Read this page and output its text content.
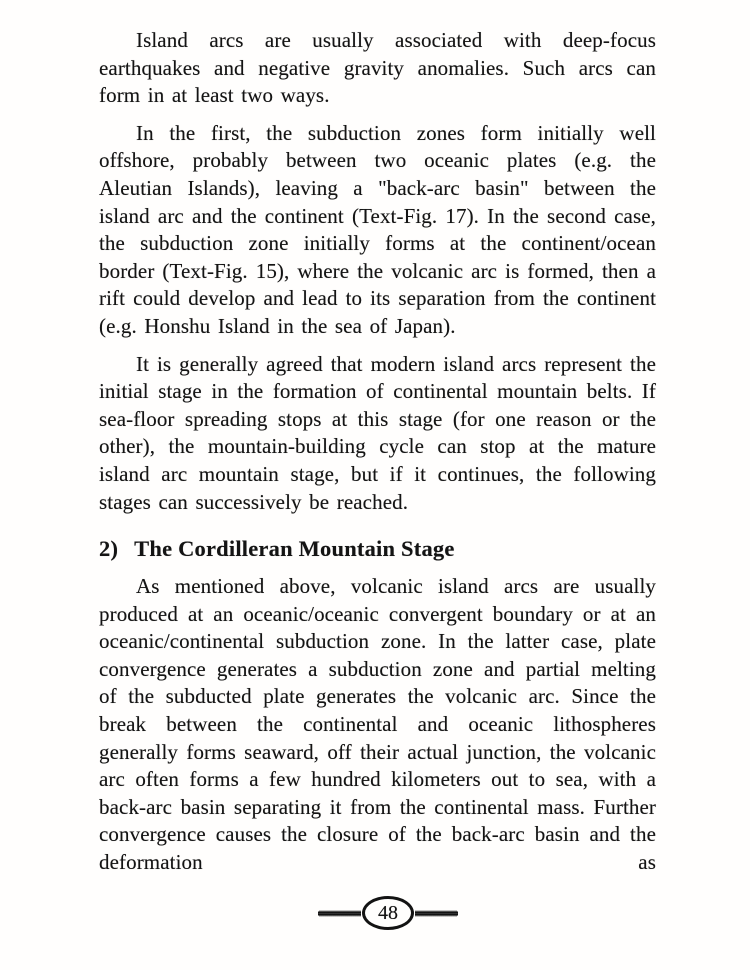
Island arcs are usually associated with deep-focus earthquakes and negative gravity anomalies. Such arcs can form in at least two ways.

In the first, the subduction zones form initially well offshore, probably between two oceanic plates (e.g. the Aleutian Islands), leaving a "back-arc basin" between the island arc and the continent (Text-Fig. 17). In the second case, the subduction zone initially forms at the continent/ocean border (Text-Fig. 15), where the volcanic arc is formed, then a rift could develop and lead to its separation from the continent (e.g. Honshu Island in the sea of Japan).

It is generally agreed that modern island arcs represent the initial stage in the formation of continental mountain belts. If sea-floor spreading stops at this stage (for one reason or the other), the mountain-building cycle can stop at the mature island arc mountain stage, but if it continues, the following stages can successively be reached.

2) The Cordilleran Mountain Stage

As mentioned above, volcanic island arcs are usually produced at an oceanic/oceanic convergent boundary or at an oceanic/continental subduction zone. In the latter case, plate convergence generates a subduction zone and partial melting of the subducted plate generates the volcanic arc. Since the break between the continental and oceanic lithospheres generally forms seaward, off their actual junction, the volcanic arc often forms a few hundred kilometers out to sea, with a back-arc basin separating it from the continental mass. Further convergence causes the closure of the back-arc basin and the deformation as

48
